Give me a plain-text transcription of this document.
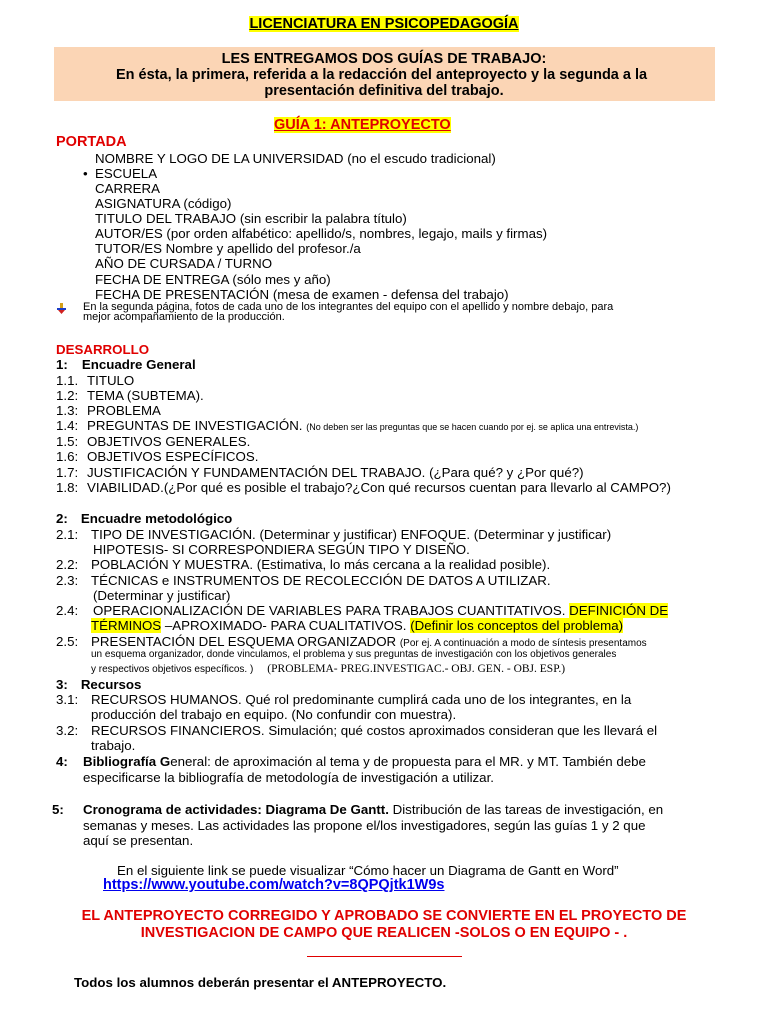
LICENCIATURA EN PSICOPEDAGOGÍA
LES ENTREGAMOS DOS GUÍAS DE TRABAJO:
En ésta, la primera, referida a la redacción del anteproyecto y la segunda a la
presentación definitiva del trabajo.
GUÍA 1: ANTEPROYECTO
PORTADA
NOMBRE Y LOGO DE LA UNIVERSIDAD (no el escudo tradicional)
• ESCUELA
CARRERA
ASIGNATURA (código)
TITULO DEL TRABAJO (sin escribir la palabra título)
AUTOR/ES (por orden alfabético: apellido/s, nombres, legajo, mails y firmas)
TUTOR/ES Nombre y apellido del profesor./a
AÑO DE CURSADA / TURNO
FECHA DE ENTREGA (sólo mes y año)
FECHA DE PRESENTACIÓN (mesa de examen - defensa del trabajo)
En la segunda página, fotos de cada uno de los integrantes del equipo con el apellido y nombre debajo, para
mejor acompañamiento de la producción.
DESARROLLO
1: Encuadre General
1.1. TITULO
1.2: TEMA (SUBTEMA).
1.3: PROBLEMA
1.4: PREGUNTAS DE INVESTIGACIÓN. (No deben ser las preguntas que se hacen cuando por ej. se aplica una entrevista.)
1.5: OBJETIVOS GENERALES.
1.6: OBJETIVOS ESPECÍFICOS.
1.7: JUSTIFICACIÓN Y FUNDAMENTACIÓN DEL TRABAJO. (¿Para qué? y ¿Por qué?)
1.8: VIABILIDAD.(¿Por qué es posible el trabajo?¿Con qué recursos cuentan para llevarlo al CAMPO?)
2: Encuadre metodológico
2.1: TIPO DE INVESTIGACIÓN. (Determinar y justificar) ENFOQUE. (Determinar y justificar)
HIPOTESIS- SI CORRESPONDIERA SEGÚN TIPO Y DISEÑO.
2.2: POBLACIÓN Y MUESTRA. (Estimativa, lo más cercana a la realidad posible).
2.3: TÉCNICAS e INSTRUMENTOS DE RECOLECCIÓN DE DATOS A UTILIZAR.
(Determinar y justificar)
2.4: OPERACIONALIZACIÓN DE VARIABLES PARA TRABAJOS CUANTITATIVOS. DEFINICIÓN DE
TÉRMINOS –APROXIMADO- PARA CUALITATIVOS. (Definir los conceptos del problema)
2.5: PRESENTACIÓN DEL ESQUEMA ORGANIZADOR (Por ej. A continuación a modo de síntesis presentamos
un esquema organizador, donde vinculamos, el problema y sus preguntas de investigación con los objetivos generales
y respectivos objetivos específicos. ) (PROBLEMA- PREG.INVESTIGAC.- OBJ. GEN. - OBJ. ESP.)
3: Recursos
3.1: RECURSOS HUMANOS. Qué rol predominante cumplirá cada uno de los integrantes, en la
producción del trabajo en equipo. (No confundir con muestra).
3.2: RECURSOS FINANCIEROS. Simulación; qué costos aproximados consideran que les llevará el
trabajo.
4: Bibliografía General: de aproximación al tema y de propuesta para el MR. y MT. También debe
especificarse la bibliografía de metodología de investigación a utilizar.
5: Cronograma de actividades: Diagrama De Gantt. Distribución de las tareas de investigación, en
semanas y meses. Las actividades las propone el/los investigadores, según las guías 1 y 2 que
aquí se presentan.
En el siguiente link se puede visualizar “Cómo hacer un Diagrama de Gantt en Word”
https://www.youtube.com/watch?v=8QPQjtk1W9s
EL ANTEPROYECTO CORREGIDO Y APROBADO SE CONVIERTE EN EL PROYECTO DE
INVESTIGACION DE CAMPO QUE REALICEN -SOLOS O EN EQUIPO - .
Todos los alumnos deberán presentar el ANTEPROYECTO.
